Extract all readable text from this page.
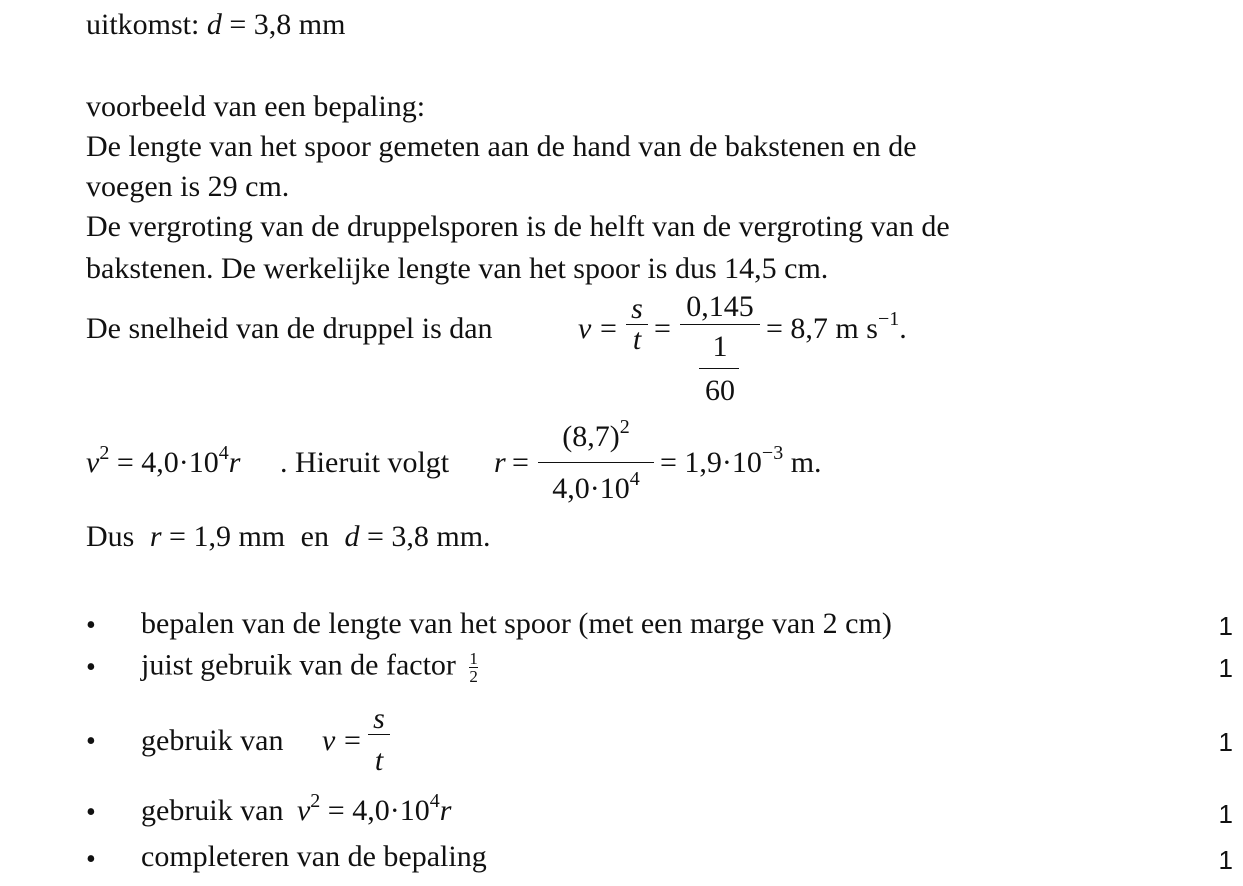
uitkomst: d = 3,8 mm
voorbeeld van een bepaling:
De lengte van het spoor gemeten aan de hand van de bakstenen en de
voegen is 29 cm.
De vergroting van de druppelsporen is de helft van de vergroting van de
bakstenen. De werkelijke lengte van het spoor is dus 14,5 cm.
De snelheid van de druppel is dan	v =
s
t =
0,145
1
60
= 8,7 m $s^{-1}$.
$v^2 = 4,0\cdot 10^4r$ . Hieruit volgt r =
$(8,7)^2$
$4,0\cdot 10^4 = 1,9\cdot 10^{-3}$ m.
Dus r = 1,9 mm en d = 3,8 mm.
• bepalen van de lengte van het spoor (met een marge van 2 cm)	1
• juist gebruik van de factor $\frac{1}{2}$	1
• gebruik van v =
s
t
1
• gebruik van $v^2 = 4,0\cdot 10^4r$	1
• completeren van de bepaling	1
